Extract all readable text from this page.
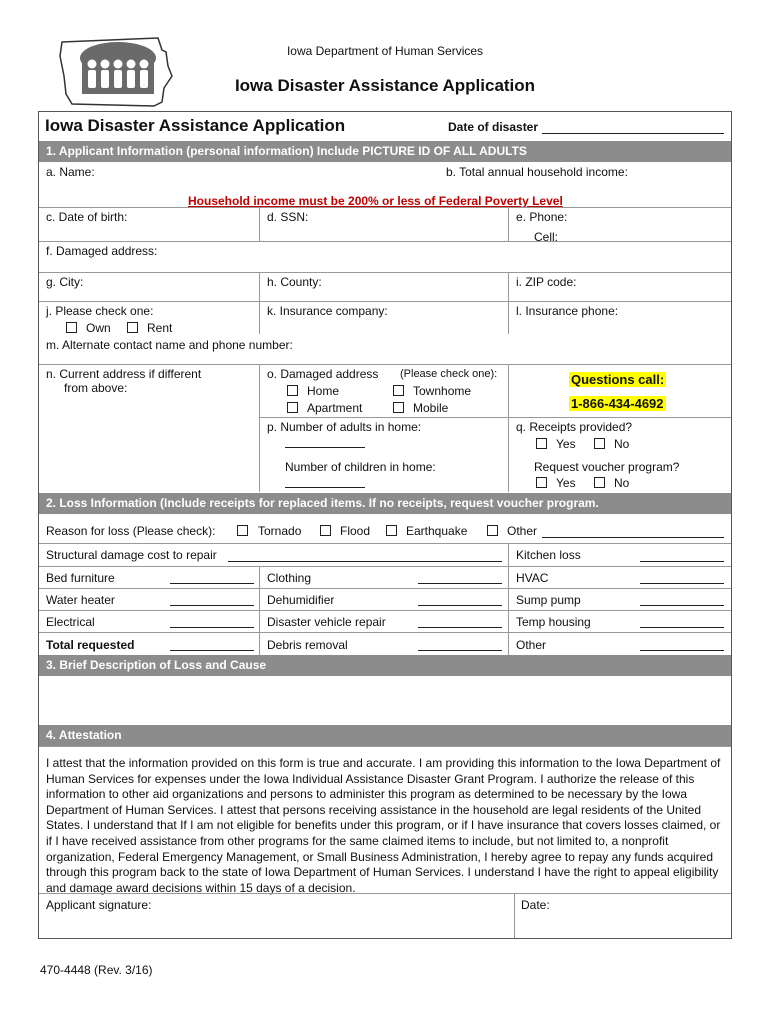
Iowa Department of Human Services
Iowa Disaster Assistance Application
Iowa Disaster Assistance Application	Date of disaster
1. Applicant Information (personal information) Include PICTURE ID OF ALL ADULTS
a. Name:	b. Total annual household income:
Household income must be 200% or less of Federal Poverty Level
c. Date of birth:	d. SSN:	e. Phone:
Cell:
f. Damaged address:
g. City:	h. County:	i. ZIP code:
j. Please check one:
Own	Rent
k. Insurance company:	l. Insurance phone:
m. Alternate contact name and phone number:
n. Current address if different
from above:
o. Damaged address (Please check one):
Home	Townhome
Apartment	Mobile
p. Number of adults in home:
Number of children in home:
Questions call:
1-866-434-4692
q. Receipts provided?
Yes	No
Request voucher program?
Yes	No
2. Loss Information (Include receipts for replaced items. If no receipts, request voucher program.
Reason for loss (Please check):	Tornado	Flood	Earthquake	Other
Structural damage cost to repair	Kitchen loss
Bed furniture	Clothing	HVAC
Water heater	Dehumidifier	Sump pump
Electrical	Disaster vehicle repair	Temp housing
Total requested	Debris removal	Other
3. Brief Description of Loss and Cause
4. Attestation

I attest that the information provided on this form is true and accurate. I am providing this information to the Iowa Department of Human Services for expenses under the Iowa Individual Assistance Disaster Grant Program. I authorize the release of this information to other aid organizations and persons to administer this program as determined to be necessary by the Iowa Department of Human Services. I attest that persons receiving assistance in the household are legal residents of the United States. I understand that If I am not eligible for benefits under this program, or if I have insurance that covers losses claimed, or if I have received assistance from other programs for the same claimed items to include, but not limited to, a nonprofit organization, Federal Emergency Management, or Small Business Administration, I hereby agree to repay any funds acquired through this program back to the state of Iowa Department of Human Services. I understand I have the right to appeal eligibility and damage award decisions within 15 days of a decision.

Applicant signature:	Date:
470-4448 (Rev. 3/16)
